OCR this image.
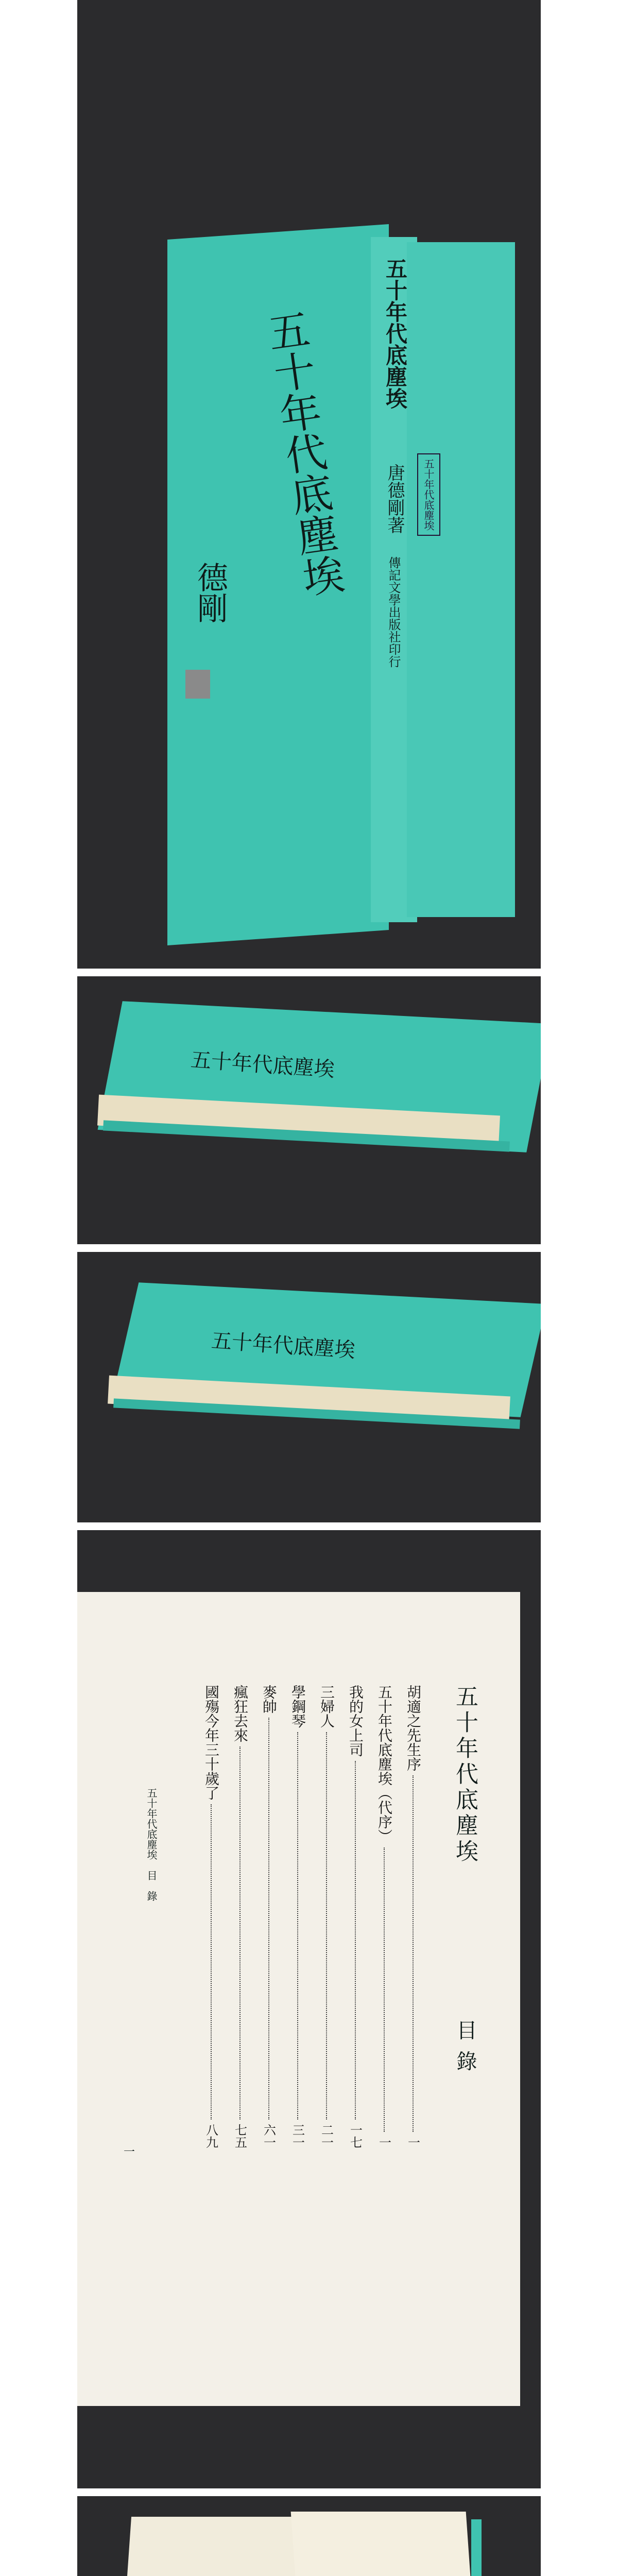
五十年代底塵埃
唐德剛著
傳記文學出版社印行
五十年代底塵埃
五十年代底塵埃
德剛
五十年代底塵埃
五十年代底塵埃
五十年代底塵埃
目錄
胡適之先生序
一
五十年代底塵埃（代序）
一
我的女上司
一七
三婦人
二一
學鋼琴
三一
麥帥
六一
瘋狂去來
七五
國殤今年三十歲了
八九
五十年代底塵埃　目　錄
一
